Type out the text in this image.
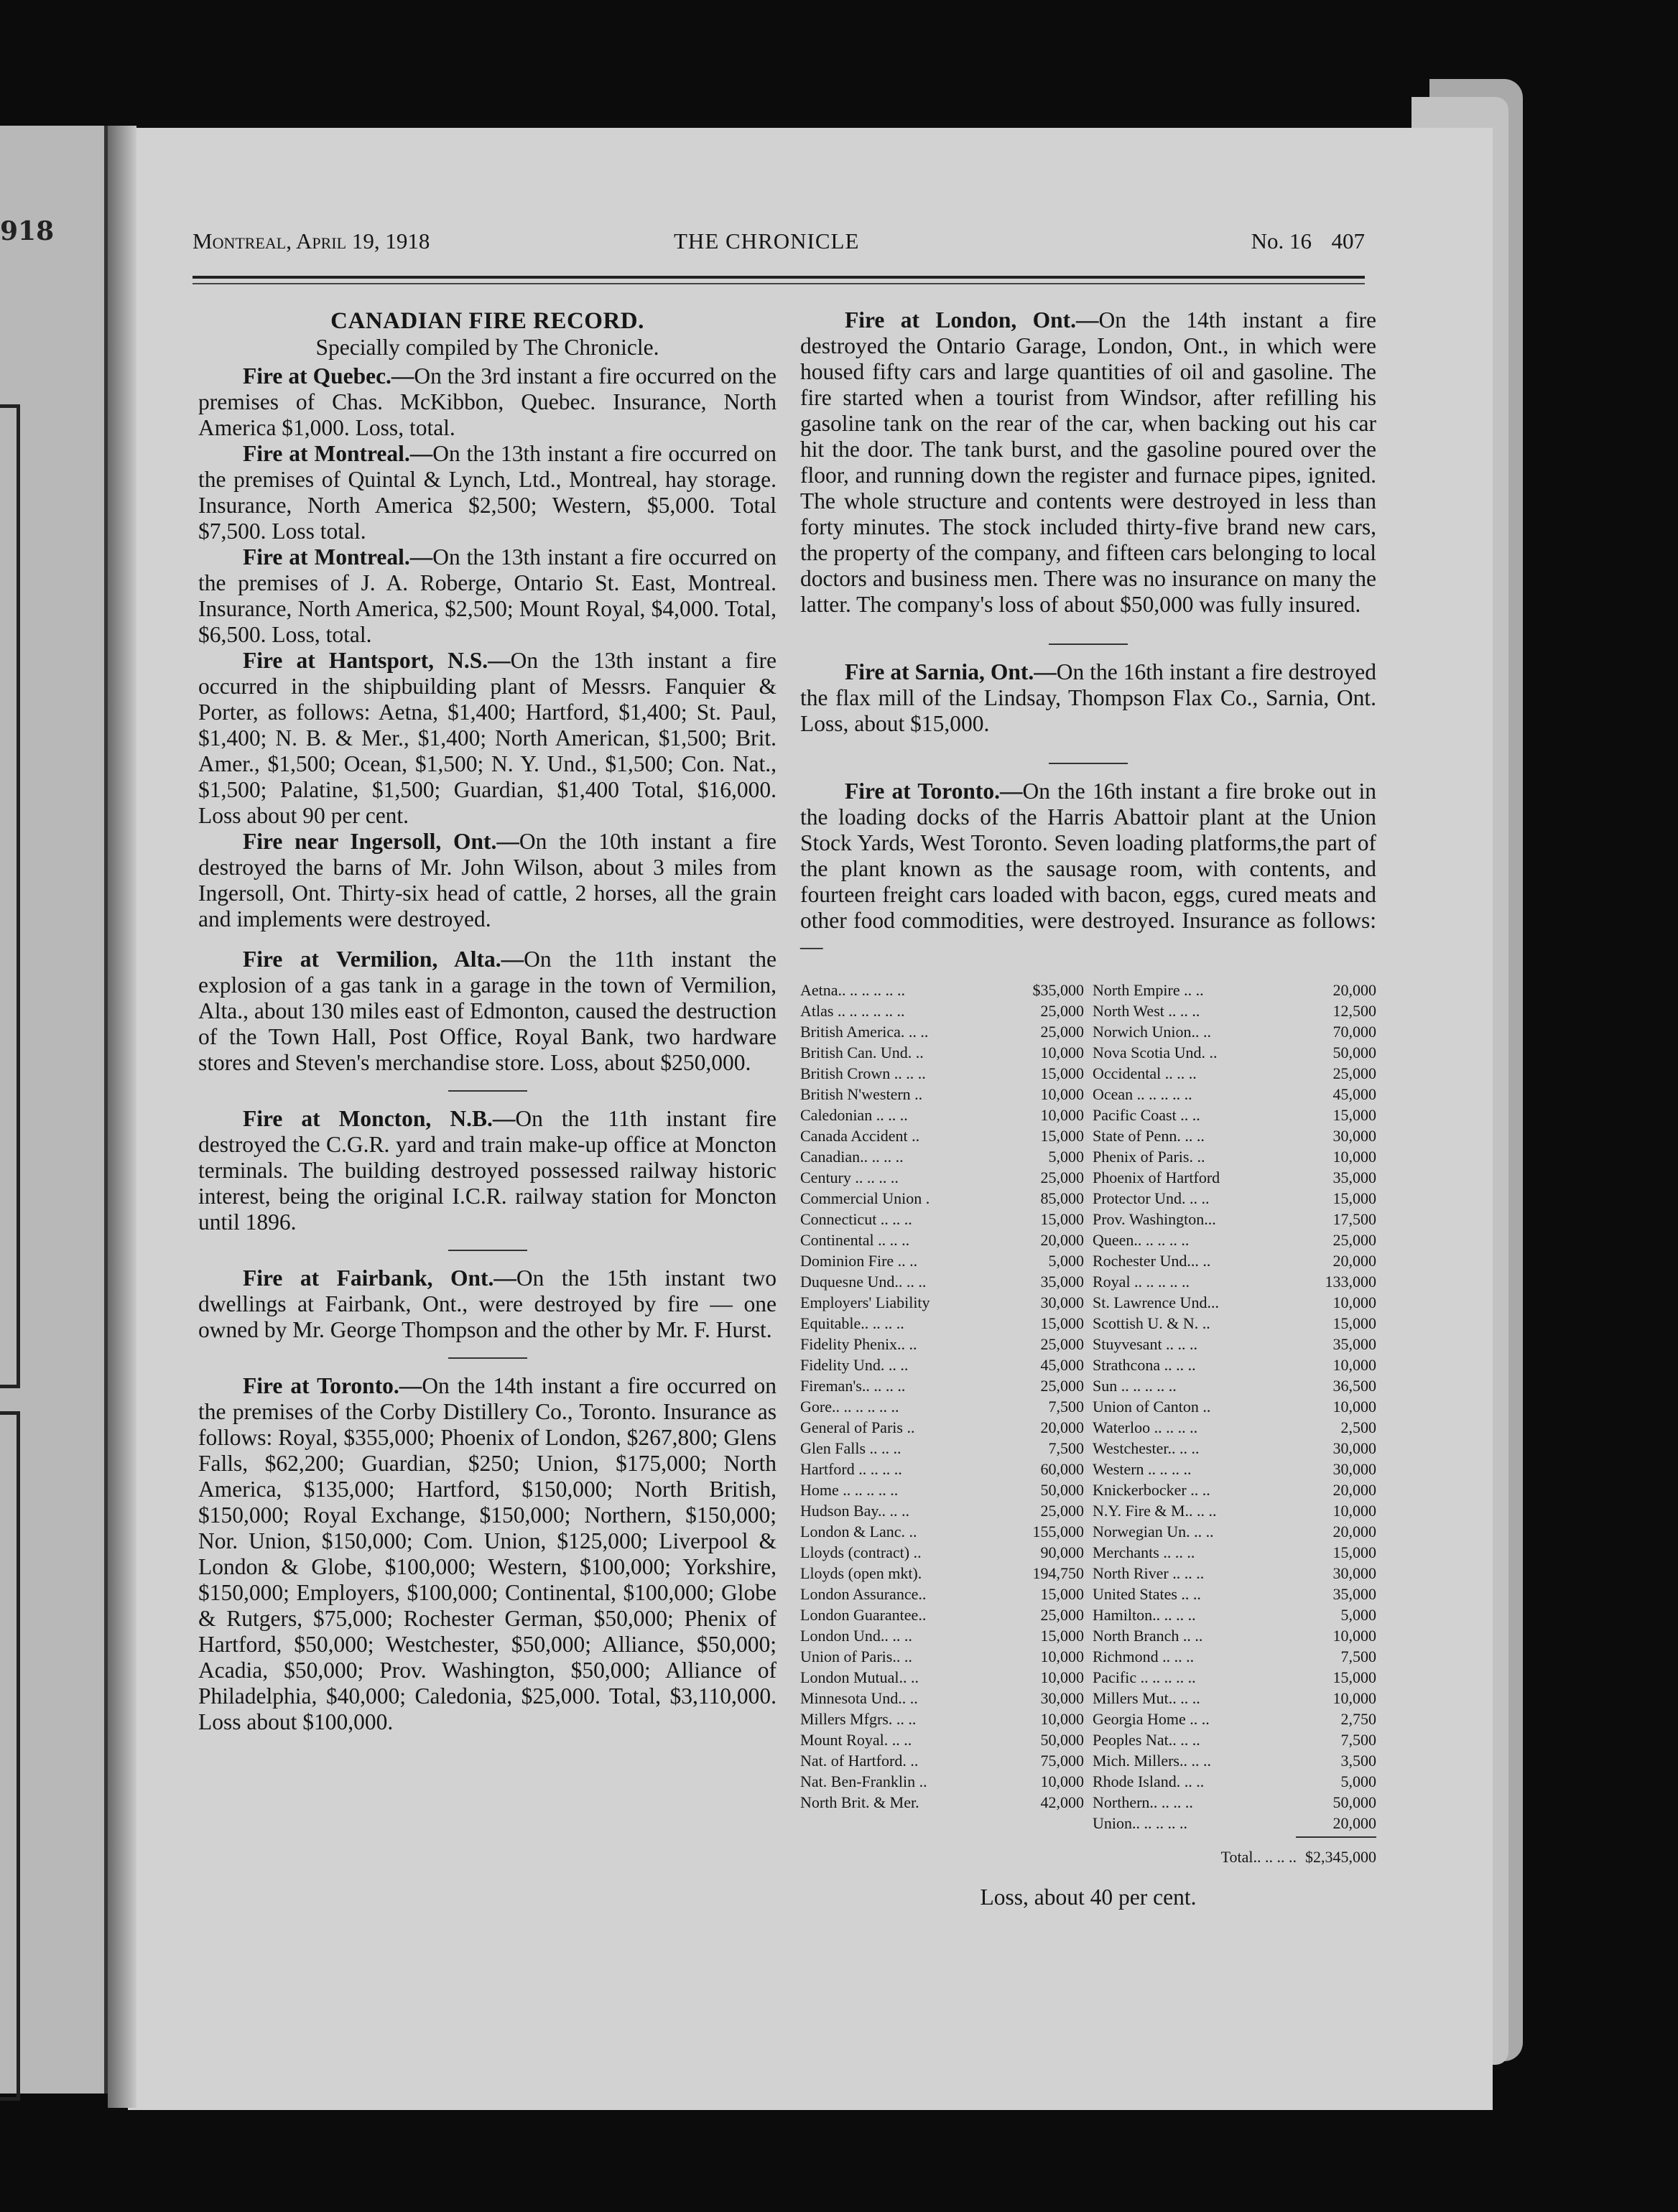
918	Montreal, April 19, 1918	THE CHRONICLE	No. 16 407
CANADIAN FIRE RECORD.

Specially compiled by The Chronicle.

Fire at Quebec.—On the 3rd instant a fire occurred on the premises of Chas. McKibbon, Quebec. Insurance, North America $1,000. Loss, total.

Fire at Montreal.—On the 13th instant a fire occurred on the premises of Quintal & Lynch, Ltd., Montreal, hay storage. Insurance, North America $2,500; Western, $5,000. Total $7,500. Loss total.

Fire at Montreal.—On the 13th instant a fire occurred on the premises of J. A. Roberge, Ontario St. East, Montreal. Insurance, North America, $2,500; Mount Royal, $4,000. Total, $6,500. Loss, total.

Fire at Hantsport, N.S.—On the 13th instant a fire occurred in the shipbuilding plant of Messrs. Fanquier & Porter, as follows: Aetna, $1,400; Hartford, $1,400; St. Paul, $1,400; N. B. & Mer., $1,400; North American, $1,500; Brit. Amer., $1,500; Ocean, $1,500; N. Y. Und., $1,500; Con. Nat., $1,500; Palatine, $1,500; Guardian, $1,400 Total, $16,000. Loss about 90 per cent.

Fire near Ingersoll, Ont.—On the 10th instant a fire destroyed the barns of Mr. John Wilson, about 3 miles from Ingersoll, Ont. Thirty-six head of cattle, 2 horses, all the grain and implements were destroyed.

Fire at Vermilion, Alta.—On the 11th instant the explosion of a gas tank in a garage in the town of Vermilion, Alta., about 130 miles east of Edmonton, caused the destruction of the Town Hall, Post Office, Royal Bank, two hardware stores and Steven's merchandise store. Loss, about $250,000.

Fire at Moncton, N.B.—On the 11th instant fire destroyed the C.G.R. yard and train make-up office at Moncton terminals. The building destroyed possessed railway historic interest, being the original I.C.R. railway station for Moncton until 1896.

Fire at Fairbank, Ont.—On the 15th instant two dwellings at Fairbank, Ont., were destroyed by fire — one owned by Mr. George Thompson and the other by Mr. F. Hurst.

Fire at Toronto.—On the 14th instant a fire occurred on the premises of the Corby Distillery Co., Toronto. Insurance as follows: Royal, $355,000; Phoenix of London, $267,800; Glens Falls, $62,200; Guardian, $250; Union, $175,000; North America, $135,000; Hartford, $150,000; North British, $150,000; Royal Exchange, $150,000; Northern, $150,000; Nor. Union, $150,000; Com. Union, $125,000; Liverpool & London & Globe, $100,000; Western, $100,000; Yorkshire, $150,000; Employers, $100,000; Continental, $100,000; Globe & Rutgers, $75,000; Rochester German, $50,000; Phenix of Hartford, $50,000; Westchester, $50,000; Alliance, $50,000; Acadia, $50,000; Prov. Washington, $50,000; Alliance of Philadelphia, $40,000; Caledonia, $25,000. Total, $3,110,000. Loss about $100,000.

Fire at London, Ont.—On the 14th instant a fire destroyed the Ontario Garage, London, Ont., in which were housed fifty cars and large quantities of oil and gasoline. The fire started when a tourist from Windsor, after refilling his gasoline tank on the rear of the car, when backing out his car hit the door. The tank burst, and the gasoline poured over the floor, and running down the register and furnace pipes, ignited. The whole structure and contents were destroyed in less than forty minutes. The stock included thirty-five brand new cars, the property of the company, and fifteen cars belonging to local doctors and business men. There was no insurance on many the latter. The company's loss of about $50,000 was fully insured.

Fire at Sarnia, Ont.—On the 16th instant a fire destroyed the flax mill of the Lindsay, Thompson Flax Co., Sarnia, Ont. Loss, about $15,000.

Fire at Toronto.—On the 16th instant a fire broke out in the loading docks of the Harris Abattoir plant at the Union Stock Yards, West Toronto. Seven loading platforms,the part of the plant known as the sausage room, with contents, and fourteen freight cars loaded with bacon, eggs, cured meats and other food commodities, were destroyed. Insurance as follows:—

Aetna.. .. .. .. .. ..	$35,000
Atlas .. .. .. .. .. ..	25,000
British America. .. ..	25,000
British Can. Und. ..	10,000
British Crown .. .. ..	15,000
British N'western ..	10,000
Caledonian .. .. ..	10,000
Canada Accident ..	15,000
Canadian.. .. .. ..	5,000
Century .. .. .. ..	25,000
Commercial Union .	85,000
Connecticut .. .. ..	15,000
Continental .. .. ..	20,000
Dominion Fire .. ..	5,000
Duquesne Und.. .. ..	35,000
Employers' Liability	30,000
Equitable.. .. .. ..	15,000
Fidelity Phenix.. ..	25,000
Fidelity Und. .. ..	45,000
Fireman's.. .. .. ..	25,000
Gore.. .. .. .. .. ..	7,500
General of Paris ..	20,000
Glen Falls .. .. ..	7,500
Hartford .. .. .. ..	60,000
Home .. .. .. .. ..	50,000
Hudson Bay.. .. ..	25,000
London & Lanc. ..	155,000
Lloyds (contract) ..	90,000
Lloyds (open mkt).	194,750
London Assurance..	15,000
London Guarantee..	25,000
London Und.. .. ..	15,000
Union of Paris.. ..	10,000
London Mutual.. ..	10,000
Minnesota Und.. ..	30,000
Millers Mfgrs. .. ..	10,000
Mount Royal. .. ..	50,000
Nat. of Hartford. ..	75,000
Nat. Ben-Franklin ..	10,000
North Brit. & Mer.	42,000
North Empire .. ..	20,000
North West .. .. ..	12,500
Norwich Union.. ..	70,000
Nova Scotia Und. ..	50,000
Occidental .. .. ..	25,000
Ocean .. .. .. .. ..	45,000
Pacific Coast .. ..	15,000
State of Penn. .. ..	30,000
Phenix of Paris. ..	10,000
Phoenix of Hartford	35,000
Protector Und. .. ..	15,000
Prov. Washington...	17,500
Queen.. .. .. .. ..	25,000
Rochester Und... ..	20,000
Royal .. .. .. .. ..	133,000
St. Lawrence Und...	10,000
Scottish U. & N. ..	15,000
Stuyvesant .. .. ..	35,000
Strathcona .. .. ..	10,000
Sun .. .. .. .. ..	36,500
Union of Canton ..	10,000
Waterloo .. .. .. ..	2,500
Westchester.. .. ..	30,000
Western .. .. .. ..	30,000
Knickerbocker .. ..	20,000
N.Y. Fire & M.. .. ..	10,000
Norwegian Un. .. ..	20,000
Merchants .. .. ..	15,000
North River .. .. ..	30,000
United States .. ..	35,000
Hamilton.. .. .. ..	5,000
North Branch .. ..	10,000
Richmond .. .. ..	7,500
Pacific .. .. .. .. ..	15,000
Millers Mut.. .. ..	10,000
Georgia Home .. ..	2,750
Peoples Nat.. .. ..	7,500
Mich. Millers.. .. ..	3,500
Rhode Island. .. ..	5,000
Northern.. .. .. ..	50,000
Union.. .. .. .. ..	20,000
Total.. .. .. .. $2,345,000

Loss, about 40 per cent.
